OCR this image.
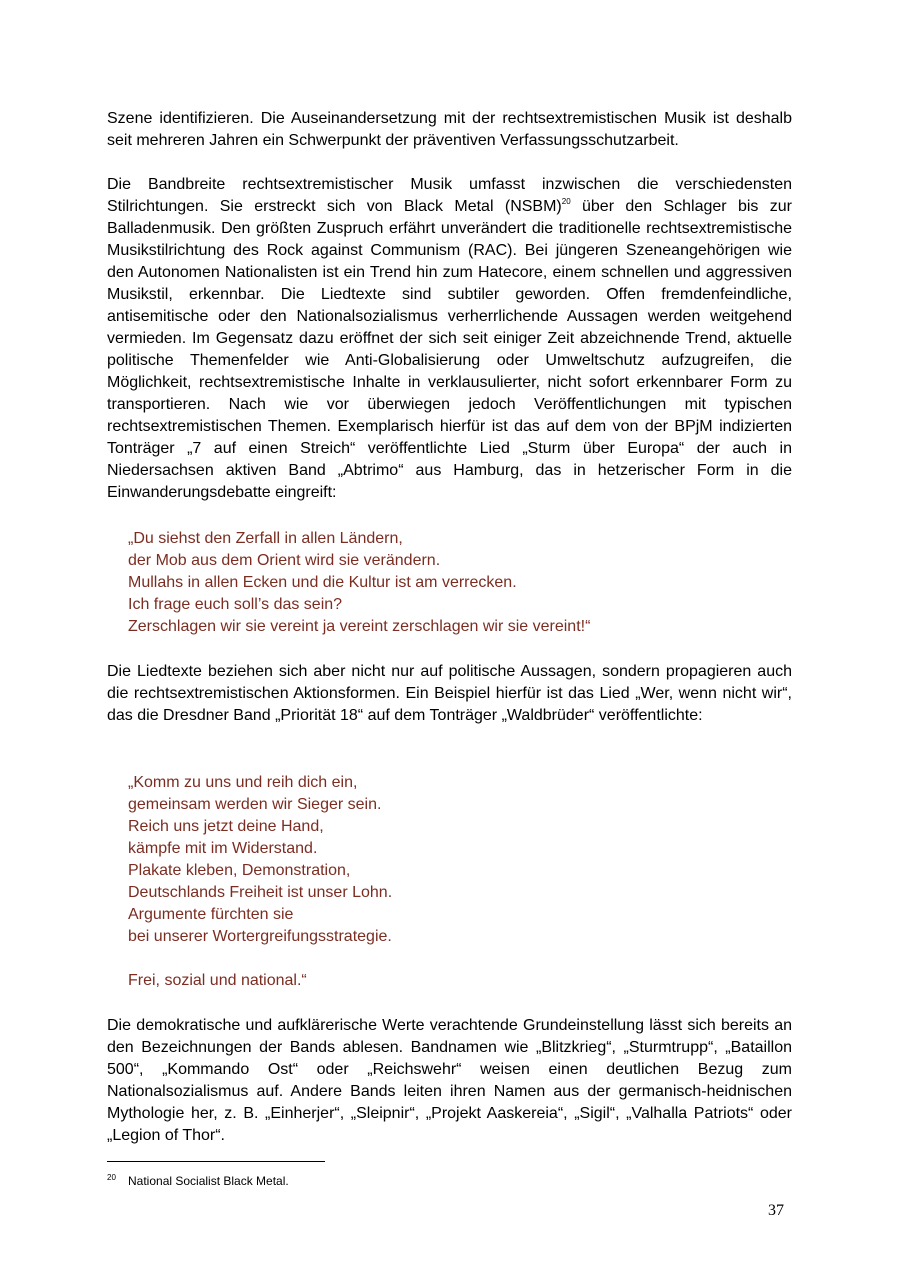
Szene identifizieren. Die Auseinandersetzung mit der rechtsextremistischen Musik ist deshalb seit mehreren Jahren ein Schwerpunkt der präventiven Verfassungsschutzarbeit.

Die Bandbreite rechtsextremistischer Musik umfasst inzwischen die verschiedensten Stilrichtungen. Sie erstreckt sich von Black Metal (NSBM)$^{20}$ über den Schlager bis zur Balladenmusik. Den größten Zuspruch erfährt unverändert die traditionelle rechtsextremistische Musikstilrichtung des Rock against Communism (RAC). Bei jüngeren Szeneangehörigen wie den Autonomen Nationalisten ist ein Trend hin zum Hatecore, einem schnellen und aggressiven Musikstil, erkennbar. Die Liedtexte sind subtiler geworden. Offen fremdenfeindliche, antisemitische oder den Nationalsozialismus verherrlichende Aussagen werden weitgehend vermieden. Im Gegensatz dazu eröffnet der sich seit einiger Zeit abzeichnende Trend, aktuelle politische Themenfelder wie Anti-Globalisierung oder Umweltschutz aufzugreifen, die Möglichkeit, rechtsextremistische Inhalte in verklausulierter, nicht sofort erkennbarer Form zu transportieren. Nach wie vor überwiegen jedoch Veröffentlichungen mit typischen rechtsextremistischen Themen. Exemplarisch hierfür ist das auf dem von der BPjM indizierten Tonträger „7 auf einen Streich“ veröffentlichte Lied „Sturm über Europa“ der auch in Niedersachsen aktiven Band „Abtrimo“ aus Hamburg, das in hetzerischer Form in die Einwanderungsdebatte eingreift:

„Du siehst den Zerfall in allen Ländern,
der Mob aus dem Orient wird sie verändern.
Mullahs in allen Ecken und die Kultur ist am verrecken.
Ich frage euch soll’s das sein?
Zerschlagen wir sie vereint ja vereint zerschlagen wir sie vereint!“

Die Liedtexte beziehen sich aber nicht nur auf politische Aussagen, sondern propagieren auch die rechtsextremistischen Aktionsformen. Ein Beispiel hierfür ist das Lied „Wer, wenn nicht wir“, das die Dresdner Band „Priorität 18“ auf dem Tonträger „Waldbrüder“ veröffentlichte:

„Komm zu uns und reih dich ein,
gemeinsam werden wir Sieger sein.
Reich uns jetzt deine Hand,
kämpfe mit im Widerstand.
Plakate kleben, Demonstration,
Deutschlands Freiheit ist unser Lohn.
Argumente fürchten sie
bei unserer Wortergreifungsstrategie.
Frei, sozial und national.“

Die demokratische und aufklärerische Werte verachtende Grundeinstellung lässt sich bereits an den Bezeichnungen der Bands ablesen. Bandnamen wie „Blitzkrieg“, „Sturmtrupp“, „Bataillon 500“, „Kommando Ost“ oder „Reichswehr“ weisen einen deutlichen Bezug zum Nationalsozialismus auf. Andere Bands leiten ihren Namen aus der germanisch-heidnischen Mythologie her, z. B. „Einherjer“, „Sleipnir“, „Projekt Aaskereia“, „Sigil“, „Valhalla Patriots“ oder „Legion of Thor“.

20 National Socialist Black Metal.

37
